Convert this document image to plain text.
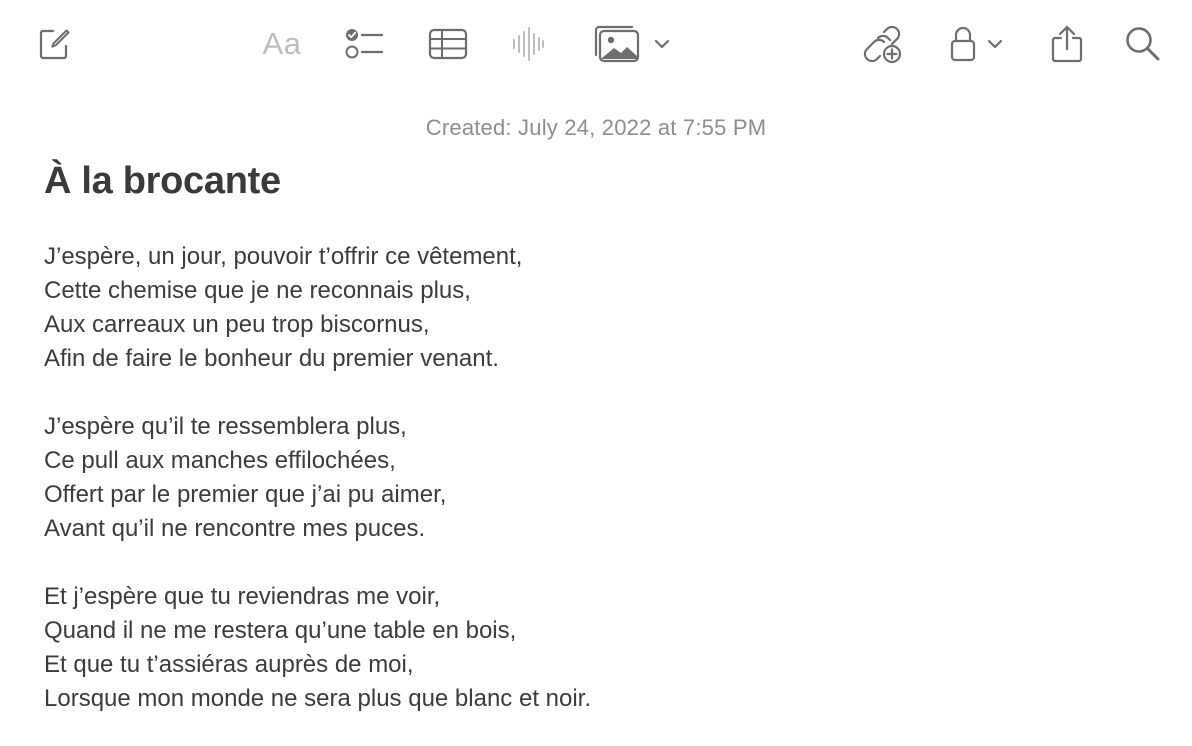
Aa
Created: July 24, 2022 at 7:55 PM
À la brocante
J’espère, un jour, pouvoir t’offrir ce vêtement,
Cette chemise que je ne reconnais plus,
Aux carreaux un peu trop biscornus,
Afin de faire le bonheur du premier venant.
J’espère qu’il te ressemblera plus,
Ce pull aux manches effilochées,
Offert par le premier que j’ai pu aimer,
Avant qu’il ne rencontre mes puces.
Et j’espère que tu reviendras me voir,
Quand il ne me restera qu’une table en bois,
Et que tu t’assiéras auprès de moi,
Lorsque mon monde ne sera plus que blanc et noir.
